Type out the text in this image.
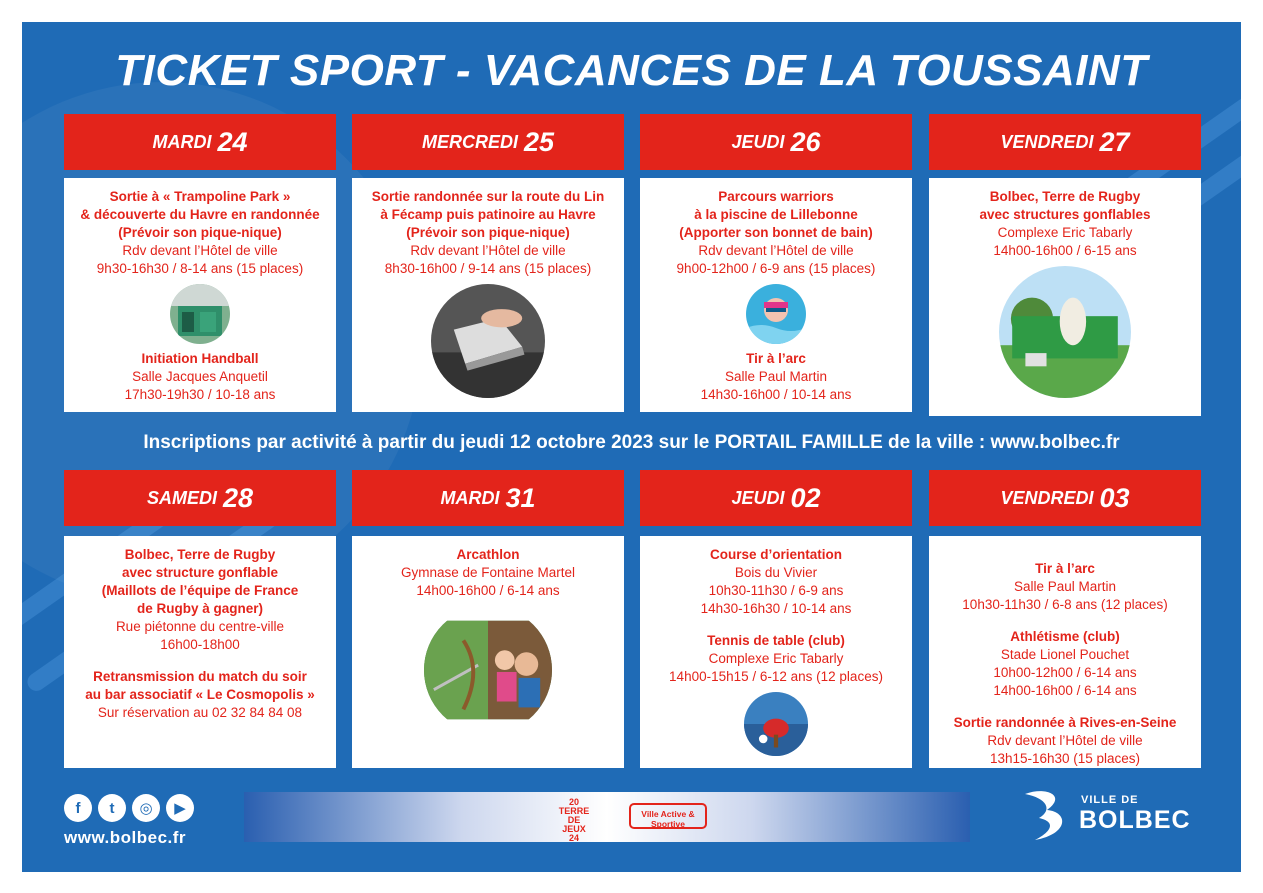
TICKET SPORT - VACANCES DE LA TOUSSAINT
MARDI 24
Sortie à « Trampoline Park »
& découverte du Havre en randonnée
(Prévoir son pique-nique)
Rdv devant l’Hôtel de ville
9h30-16h30 / 8-14 ans (15 places)
Initiation Handball
Salle Jacques Anquetil
17h30-19h30 / 10-18 ans
MERCREDI 25
Sortie randonnée sur la route du Lin
à Fécamp puis patinoire au Havre
(Prévoir son pique-nique)
Rdv devant l’Hôtel de ville
8h30-16h00 / 9-14 ans (15 places)
JEUDI 26
Parcours warriors
à la piscine de Lillebonne
(Apporter son bonnet de bain)
Rdv devant l’Hôtel de ville
9h00-12h00 / 6-9 ans (15 places)
Tir à l’arc
Salle Paul Martin
14h30-16h00 / 10-14 ans
VENDREDI 27
Bolbec, Terre de Rugby
avec structures gonflables
Complexe Eric Tabarly
14h00-16h00 / 6-15 ans
SAMEDI 28
Bolbec, Terre de Rugby
avec structure gonflable
(Maillots de l’équipe de France
de Rugby à gagner)
Rue piétonne du centre-ville
16h00-18h00
Retransmission du match du soir
au bar associatif « Le Cosmopolis »
Sur réservation au 02 32 84 84 08
MARDI 31
Arcathlon
Gymnase de Fontaine Martel
14h00-16h00 / 6-14 ans
JEUDI 02
Course d’orientation
Bois du Vivier
10h30-11h30 / 6-9 ans
14h30-16h30 / 10-14 ans
Tennis de table (club)
Complexe Eric Tabarly
14h00-15h15 / 6-12 ans (12 places)
VENDREDI 03
Tir à l’arc
Salle Paul Martin
10h30-11h30 / 6-8 ans (12 places)
Athlétisme (club)
Stade Lionel Pouchet
10h00-12h00 / 6-14 ans
14h00-16h00 / 6-14 ans
Sortie randonnée à Rives-en-Seine
Rdv devant l’Hôtel de ville
13h15-16h30 (15 places)
Inscriptions par activité à partir du jeudi 12 octobre 2023 sur le PORTAIL FAMILLE de la ville : www.bolbec.fr
f	t	◎	▶
www.bolbec.fr
20 TERRE DE JEUX 24
Ville Active & Sportive
VILLE DE
BOLBEC
